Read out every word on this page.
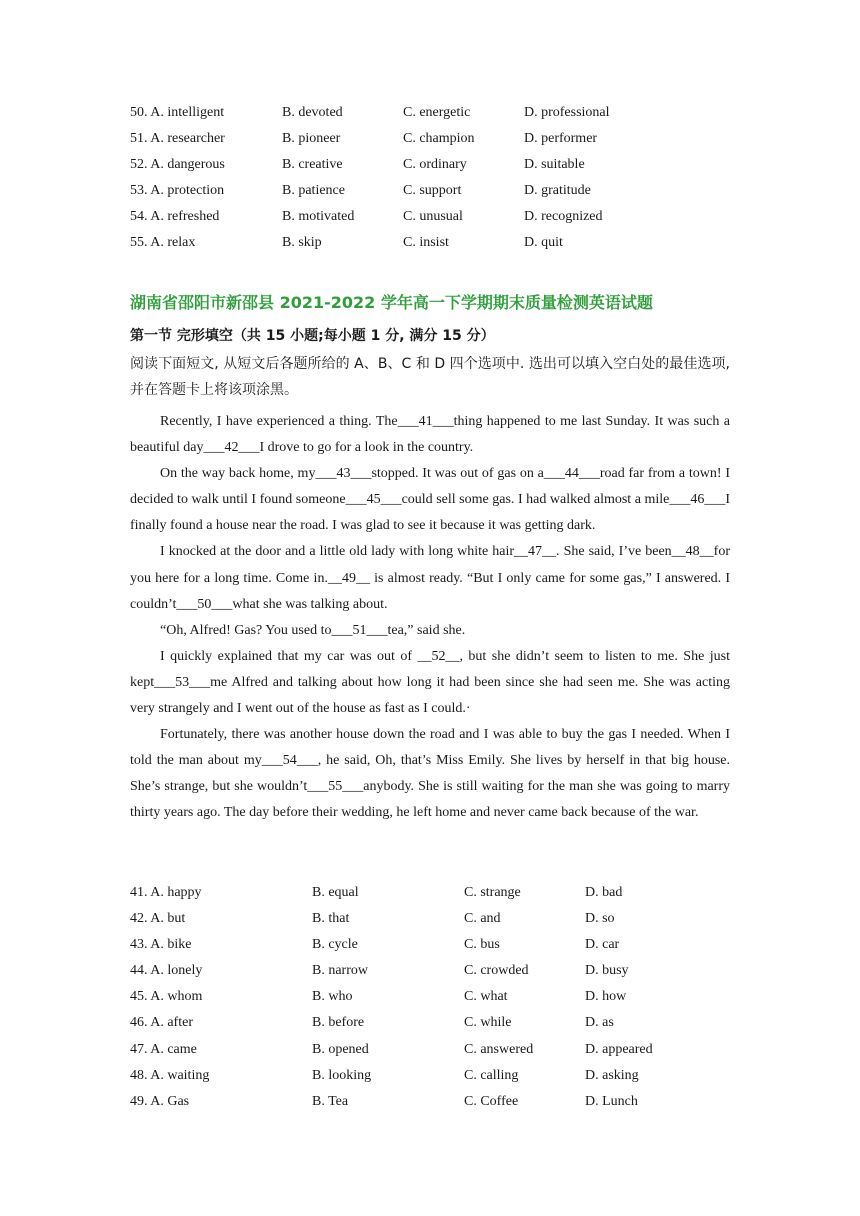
50. A. intelligent	B. devoted	C. energetic	D. professional
51. A. researcher	B. pioneer	C. champion	D. performer
52. A. dangerous	B. creative	C. ordinary	D. suitable
53. A. protection	B. patience	C. support	D. gratitude
54. A. refreshed	B. motivated	C. unusual	D. recognized
55. A. relax	B. skip	C. insist	D. quit
湖南省邵阳市新邵县 2021-2022 学年高一下学期期末质量检测英语试题
第一节 完形填空（共 15 小题;每小题 1 分, 满分 15 分）
阅读下面短文, 从短文后各题所给的 A、B、C 和 D 四个选项中. 选出可以填入空白处的最佳选项, 并在答题卡上将该项涂黑。

Recently, I have experienced a thing. The___41___thing happened to me last Sunday. It was such a beautiful day___42___I drove to go for a look in the country.

On the way back home, my___43___stopped. It was out of gas on a___44___road far from a town! I decided to walk until I found someone___45___could sell some gas. I had walked almost a mile___46___I finally found a house near the road. I was glad to see it because it was getting dark.

I knocked at the door and a little old lady with long white hair__47__. She said, I’ve been__48__for you here for a long time. Come in.__49__ is almost ready. “But I only came for some gas,” I answered. I couldn’t___50___what she was talking about.

“Oh, Alfred! Gas? You used to___51___tea,” said she.

I quickly explained that my car was out of __52__, but she didn’t seem to listen to me. She just kept___53___me Alfred and talking about how long it had been since she had seen me. She was acting very strangely and I went out of the house as fast as I could.·

Fortunately, there was another house down the road and I was able to buy the gas I needed. When I told the man about my___54___, he said, Oh, that’s Miss Emily. She lives by herself in that big house. She’s strange, but she wouldn’t___55___anybody. She is still waiting for the man she was going to marry thirty years ago. The day before their wedding, he left home and never came back because of the war.

41. A. happy	B. equal	C. strange	D. bad
42. A. but	B. that	C. and	D. so
43. A. bike	B. cycle	C. bus	D. car
44. A. lonely	B. narrow	C. crowded	D. busy
45. A. whom	B. who	C. what	D. how
46. A. after	B. before	C. while	D. as
47. A. came	B. opened	C. answered	D. appeared
48. A. waiting	B. looking	C. calling	D. asking
49. A. Gas	B. Tea	C. Coffee	D. Lunch
